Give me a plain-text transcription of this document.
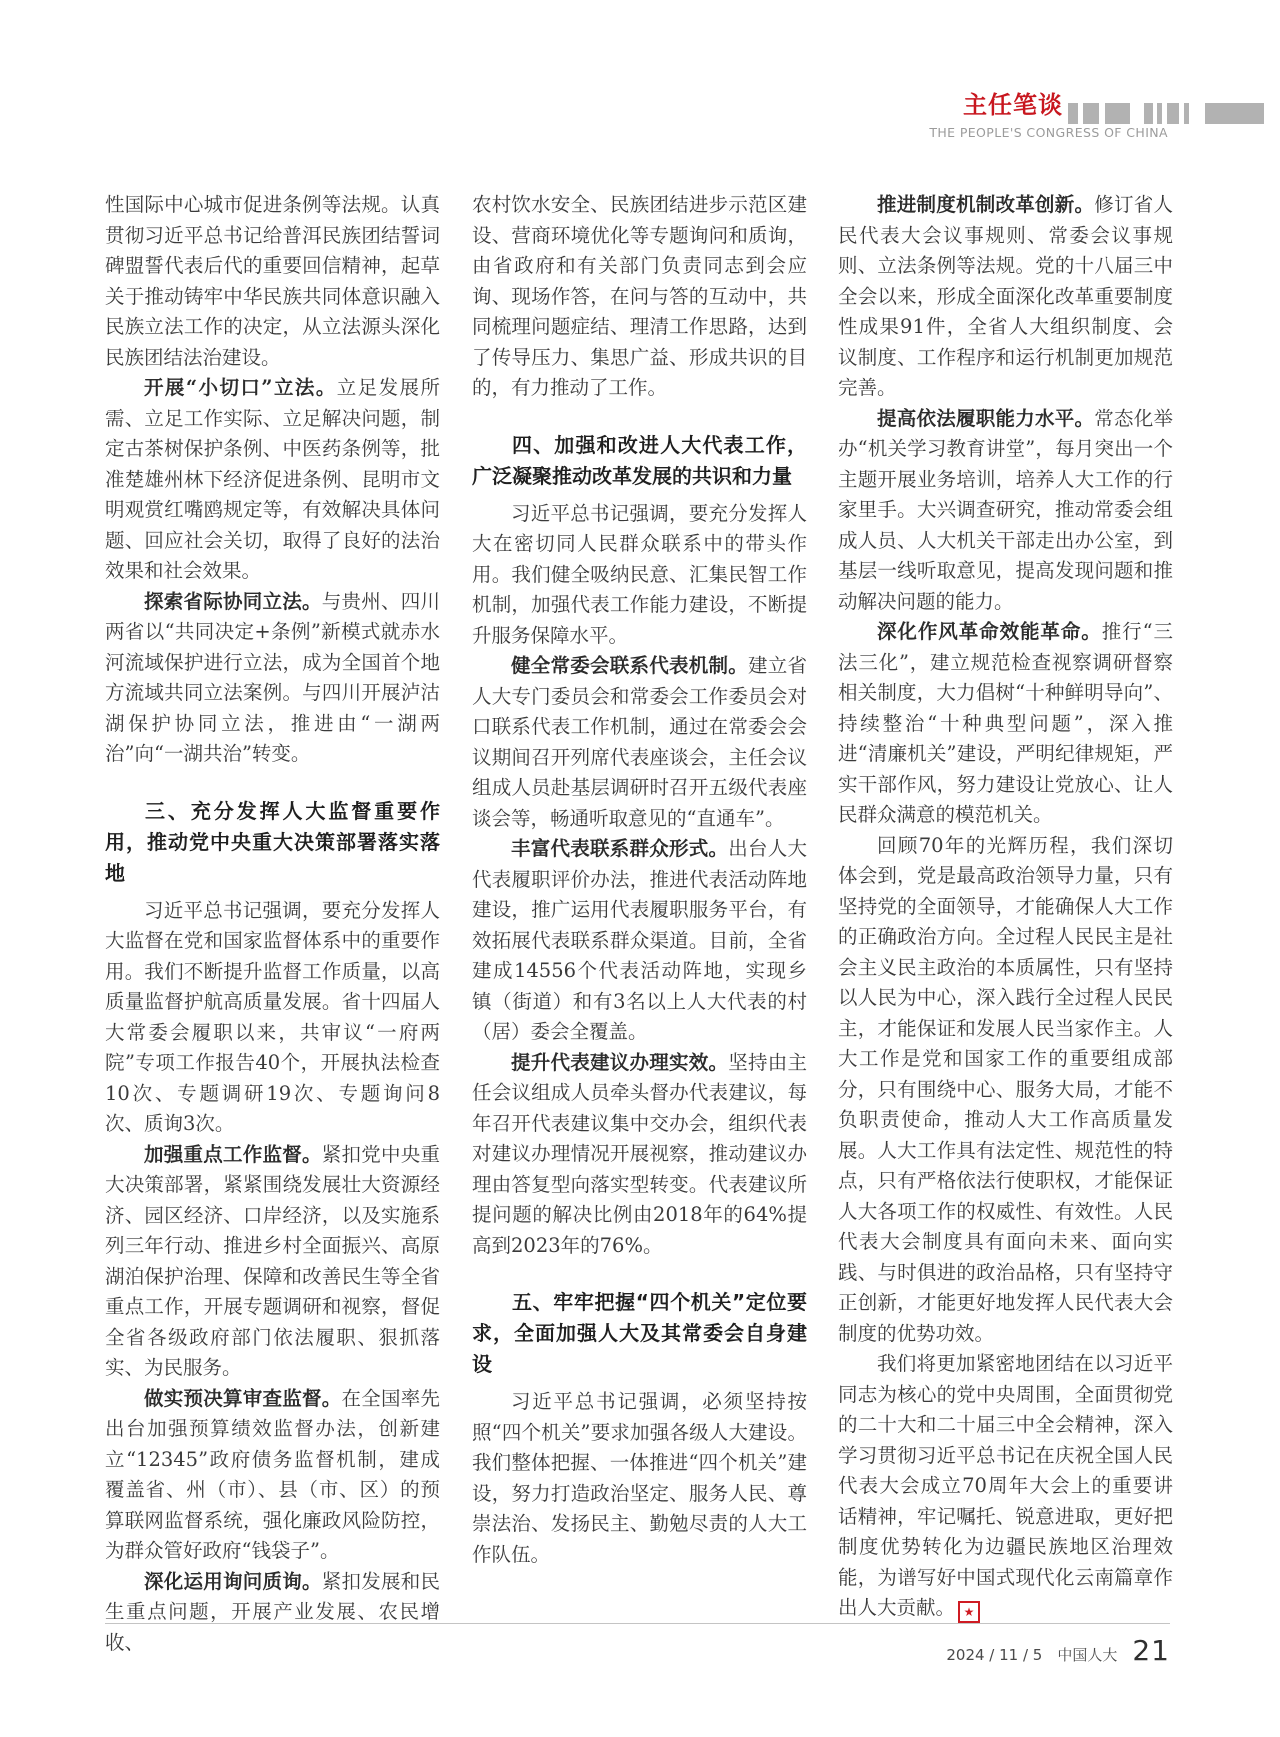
主任笔谈
THE PEOPLE'S CONGRESS OF CHINA

性国际中心城市促进条例等法规。认真贯彻习近平总书记给普洱民族团结誓词碑盟誓代表后代的重要回信精神，起草关于推动铸牢中华民族共同体意识融入民族立法工作的决定，从立法源头深化民族团结法治建设。

开展“小切口”立法。立足发展所需、立足工作实际、立足解决问题，制定古茶树保护条例、中医药条例等，批准楚雄州林下经济促进条例、昆明市文明观赏红嘴鸥规定等，有效解决具体问题、回应社会关切，取得了良好的法治效果和社会效果。

探索省际协同立法。与贵州、四川两省以“共同决定+条例”新模式就赤水河流域保护进行立法，成为全国首个地方流域共同立法案例。与四川开展泸沽湖保护协同立法，推进由“一湖两治”向“一湖共治”转变。

三、充分发挥人大监督重要作用，推动党中央重大决策部署落实落地

习近平总书记强调，要充分发挥人大监督在党和国家监督体系中的重要作用。我们不断提升监督工作质量，以高质量监督护航高质量发展。省十四届人大常委会履职以来，共审议“一府两院”专项工作报告40个，开展执法检查10次、专题调研19次、专题询问8次、质询3次。

加强重点工作监督。紧扣党中央重大决策部署，紧紧围绕发展壮大资源经济、园区经济、口岸经济，以及实施系列三年行动、推进乡村全面振兴、高原湖泊保护治理、保障和改善民生等全省重点工作，开展专题调研和视察，督促全省各级政府部门依法履职、狠抓落实、为民服务。

做实预决算审查监督。在全国率先出台加强预算绩效监督办法，创新建立“12345”政府债务监督机制，建成覆盖省、州（市）、县（市、区）的预算联网监督系统，强化廉政风险防控，为群众管好政府“钱袋子”。

深化运用询问质询。紧扣发展和民生重点问题，开展产业发展、农民增收、

农村饮水安全、民族团结进步示范区建设、营商环境优化等专题询问和质询，由省政府和有关部门负责同志到会应询、现场作答，在问与答的互动中，共同梳理问题症结、理清工作思路，达到了传导压力、集思广益、形成共识的目的，有力推动了工作。

四、加强和改进人大代表工作，广泛凝聚推动改革发展的共识和力量

习近平总书记强调，要充分发挥人大在密切同人民群众联系中的带头作用。我们健全吸纳民意、汇集民智工作机制，加强代表工作能力建设，不断提升服务保障水平。

健全常委会联系代表机制。建立省人大专门委员会和常委会工作委员会对口联系代表工作机制，通过在常委会会议期间召开列席代表座谈会，主任会议组成人员赴基层调研时召开五级代表座谈会等，畅通听取意见的“直通车”。

丰富代表联系群众形式。出台人大代表履职评价办法，推进代表活动阵地建设，推广运用代表履职服务平台，有效拓展代表联系群众渠道。目前，全省建成14556个代表活动阵地，实现乡镇（街道）和有3名以上人大代表的村（居）委会全覆盖。

提升代表建议办理实效。坚持由主任会议组成人员牵头督办代表建议，每年召开代表建议集中交办会，组织代表对建议办理情况开展视察，推动建议办理由答复型向落实型转变。代表建议所提问题的解决比例由2018年的64%提高到2023年的76%。

五、牢牢把握“四个机关”定位要求，全面加强人大及其常委会自身建设

习近平总书记强调，必须坚持按照“四个机关”要求加强各级人大建设。我们整体把握、一体推进“四个机关”建设，努力打造政治坚定、服务人民、尊崇法治、发扬民主、勤勉尽责的人大工作队伍。

推进制度机制改革创新。修订省人民代表大会议事规则、常委会议事规则、立法条例等法规。党的十八届三中全会以来，形成全面深化改革重要制度性成果91件，全省人大组织制度、会议制度、工作程序和运行机制更加规范完善。

提高依法履职能力水平。常态化举办“机关学习教育讲堂”，每月突出一个主题开展业务培训，培养人大工作的行家里手。大兴调查研究，推动常委会组成人员、人大机关干部走出办公室，到基层一线听取意见，提高发现问题和推动解决问题的能力。

深化作风革命效能革命。推行“三法三化”，建立规范检查视察调研督察相关制度，大力倡树“十种鲜明导向”、持续整治“十种典型问题”，深入推进“清廉机关”建设，严明纪律规矩，严实干部作风，努力建设让党放心、让人民群众满意的模范机关。

回顾70年的光辉历程，我们深切体会到，党是最高政治领导力量，只有坚持党的全面领导，才能确保人大工作的正确政治方向。全过程人民民主是社会主义民主政治的本质属性，只有坚持以人民为中心，深入践行全过程人民民主，才能保证和发展人民当家作主。人大工作是党和国家工作的重要组成部分，只有围绕中心、服务大局，才能不负职责使命，推动人大工作高质量发展。人大工作具有法定性、规范性的特点，只有严格依法行使职权，才能保证人大各项工作的权威性、有效性。人民代表大会制度具有面向未来、面向实践、与时俱进的政治品格，只有坚持守正创新，才能更好地发挥人民代表大会制度的优势功效。

我们将更加紧密地团结在以习近平同志为核心的党中央周围，全面贯彻党的二十大和二十届三中全会精神，深入学习贯彻习近平总书记在庆祝全国人民代表大会成立70周年大会上的重要讲话精神，牢记嘱托、锐意进取，更好把制度优势转化为边疆民族地区治理效能，为谱写好中国式现代化云南篇章作出人大贡献。 ★

2024 / 11 / 5 中国人大 21
